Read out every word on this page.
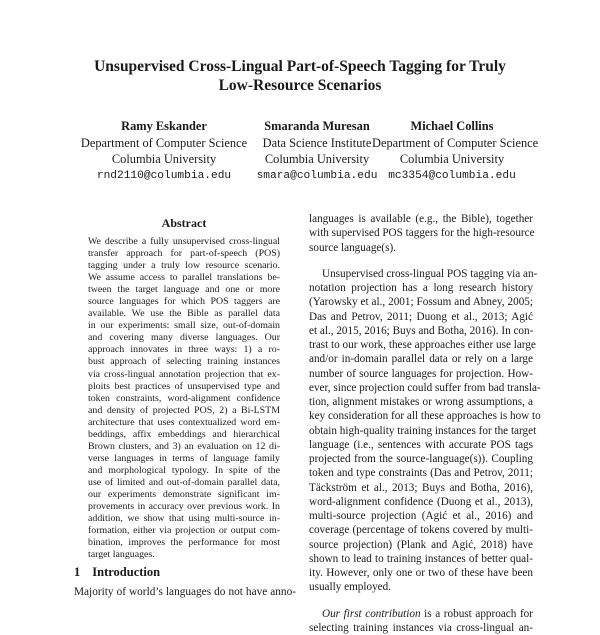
Unsupervised Cross-Lingual Part-of-Speech Tagging for Truly
Low-Resource Scenarios
Ramy Eskander
Department of Computer Science
Columbia University
rnd2110@columbia.edu
Smaranda Muresan
Data Science Institute
Columbia University
smara@columbia.edu
Michael Collins
Department of Computer Science
Columbia University
mc3354@columbia.edu
Abstract
We describe a fully unsupervised cross-lingual
transfer approach for part-of-speech (POS)
tagging under a truly low resource scenario.
We assume access to parallel translations be-
tween the target language and one or more
source languages for which POS taggers are
available. We use the Bible as parallel data
in our experiments: small size, out-of-domain
and covering many diverse languages. Our
approach innovates in three ways: 1) a ro-
bust approach of selecting training instances
via cross-lingual annotation projection that ex-
ploits best practices of unsupervised type and
token constraints, word-alignment confidence
and density of projected POS, 2) a Bi-LSTM
architecture that uses contextualized word em-
beddings, affix embeddings and hierarchical
Brown clusters, and 3) an evaluation on 12 di-
verse languages in terms of language family
and morphological typology. In spite of the
use of limited and out-of-domain parallel data,
our experiments demonstrate significant im-
provements in accuracy over previous work. In
addition, we show that using multi-source in-
formation, either via projection or output com-
bination, improves the performance for most
target languages.
1 Introduction
Majority of world’s languages do not have anno-
languages is available (e.g., the Bible), together
with supervised POS taggers for the high-resource
source language(s).
Unsupervised cross-lingual POS tagging via an-
notation projection has a long research history
(Yarowsky et al., 2001; Fossum and Abney, 2005;
Das and Petrov, 2011; Duong et al., 2013; Agić
et al., 2015, 2016; Buys and Botha, 2016). In con-
trast to our work, these approaches either use large
and/or in-domain parallel data or rely on a large
number of source languages for projection. How-
ever, since projection could suffer from bad transla-
tion, alignment mistakes or wrong assumptions, a
key consideration for all these approaches is how to
obtain high-quality training instances for the target
language (i.e., sentences with accurate POS tags
projected from the source-language(s)). Coupling
token and type constraints (Das and Petrov, 2011;
Täckström et al., 2013; Buys and Botha, 2016),
word-alignment confidence (Duong et al., 2013),
multi-source projection (Agić et al., 2016) and
coverage (percentage of tokens covered by multi-
source projection) (Plank and Agić, 2018) have
shown to lead to training instances of better qual-
ity. However, only one or two of these have been
usually employed.
Our first contribution is a robust approach for
selecting training instances via cross-lingual an-
